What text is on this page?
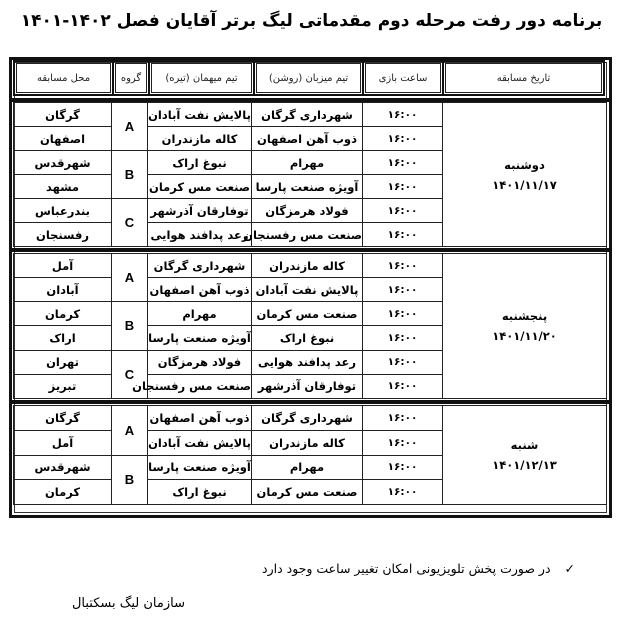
برنامه دور رفت مرحله دوم مقدماتی لیگ برتر آقایان فصل ۱۴۰۲-۱۴۰۱
محل مسابقه	گروه	تیم میهمان (تیره)	تیم میزبان (روشن)	ساعت بازی	تاریخ مسابقه
گرگان	A	پالایش نفت آبادان	شهرداری گرگان	۱۶:۰۰	دوشنبه
۱۴۰۱/۱۱/۱۷

اصفهان		کاله مازندران	ذوب آهن اصفهان	۱۶:۰۰	
شهرقدس	B	نبوغ اراک	مهرام	۱۶:۰۰	
مشهد		صنعت مس کرمان	آویژه صنعت پارسا	۱۶:۰۰	
بندرعباس	C	توفارقان آذرشهر	فولاد هرمزگان	۱۶:۰۰	
رفسنجان		رعد پدافند هوایی	صنعت مس رفسنجان	۱۶:۰۰	
آمل	A	شهرداری گرگان	کاله مازندران	۱۶:۰۰	پنجشنبه
۱۴۰۱/۱۱/۲۰

آبادان		ذوب آهن اصفهان	پالایش نفت آبادان	۱۶:۰۰	
کرمان	B	مهرام	صنعت مس کرمان	۱۶:۰۰	
اراک		آویژه صنعت پارسا	نبوغ اراک	۱۶:۰۰	
تهران	C	فولاد هرمزگان	رعد پدافند هوایی	۱۶:۰۰	
تبریز		صنعت مس رفسنجان	توفارقان آذرشهر	۱۶:۰۰	
گرگان	A	ذوب آهن اصفهان	شهرداری گرگان	۱۶:۰۰	شنبه
۱۴۰۱/۱۲/۱۳

آمل		پالایش نفت آبادان	کاله مازندران	۱۶:۰۰	
شهرقدس	B	آویژه صنعت پارسا	مهرام	۱۶:۰۰	
کرمان		نبوغ اراک	صنعت مس کرمان	۱۶:۰۰	
✓ در صورت پخش تلویزیونی امکان تغییر ساعت وجود دارد
سازمان لیگ بسکتبال
